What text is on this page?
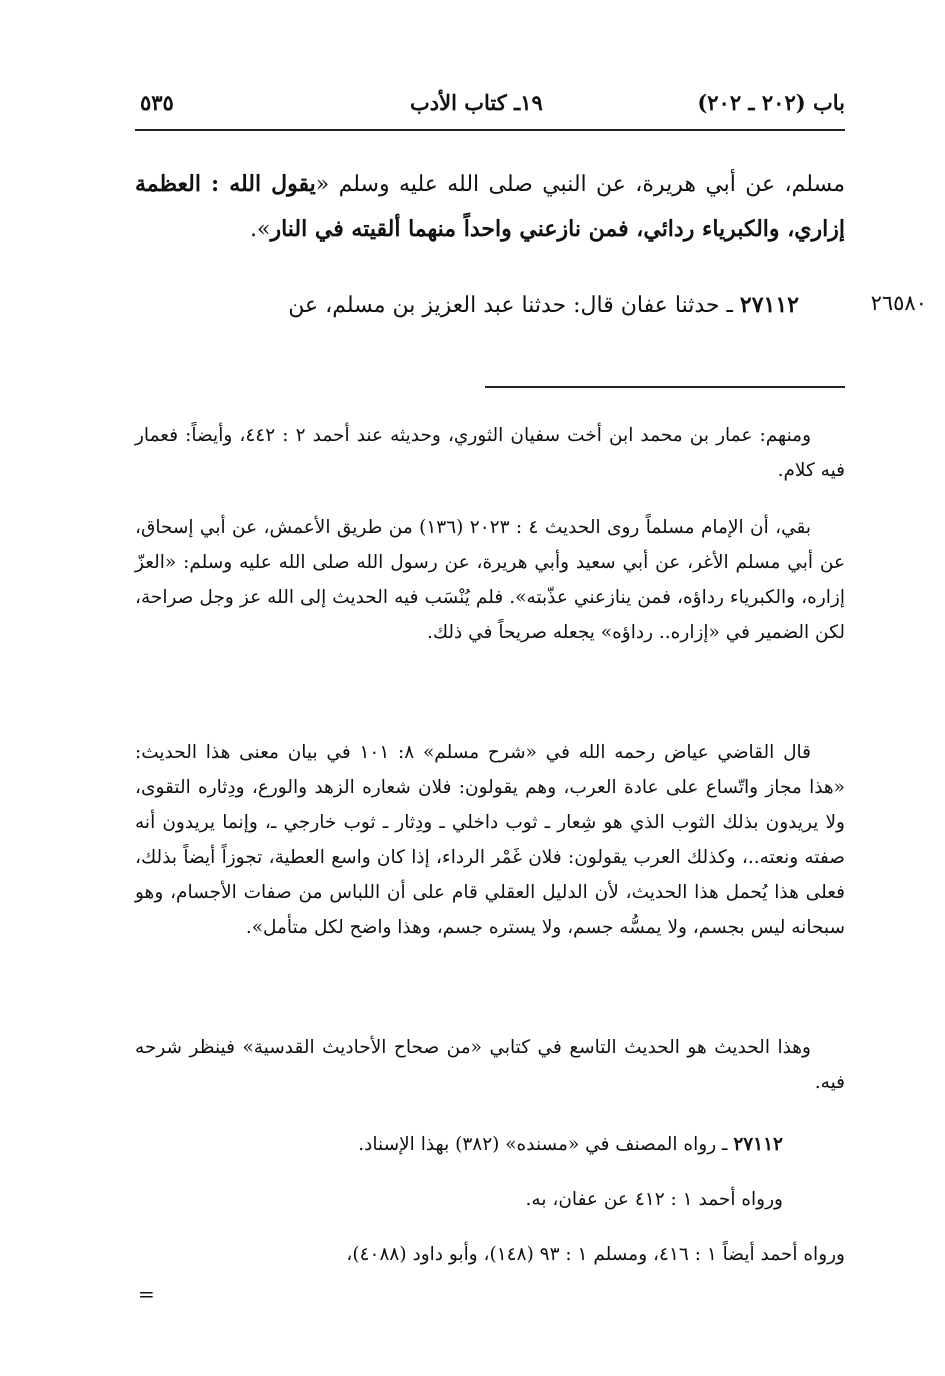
باب (٢٠٢ ـ ٢٠٢)
١٩ـ كتاب الأدب
٥٣٥
مسلم، عن أبي هريرة، عن النبي صلى الله عليه وسلم «يقول الله : العظمة إزاري، والكبرياء ردائي، فمن نازعني واحداً منهما ألقيته في النار».
٢٧١١٢ ـ حدثنا عفان قال: حدثنا عبد العزيز بن مسلم، عن	٢٦٥٨٠
ومنهم: عمار بن محمد ابن أخت سفيان الثوري، وحديثه عند أحمد ٢ : ٤٤٢، وأيضاً: فعمار فيه كلام.
بقي، أن الإمام مسلماً روى الحديث ٤ : ٢٠٢٣ (١٣٦) من طريق الأعمش، عن أبي إسحاق، عن أبي مسلم الأغر، عن أبي سعيد وأبي هريرة، عن رسول الله صلى الله عليه وسلم: «العزّ إزاره، والكبرياء رداؤه، فمن ينازعني عذّبته». فلم يُنْسَب فيه الحديث إلى الله عز وجل صراحة، لكن الضمير في «إزاره.. رداؤه» يجعله صريحاً في ذلك.
قال القاضي عياض رحمه الله في «شرح مسلم» ٨: ١٠١ في بيان معنى هذا الحديث: «هذا مجاز واتّساع على عادة العرب، وهم يقولون: فلان شعاره الزهد والورع، ودِثاره التقوى، ولا يريدون بذلك الثوب الذي هو شِعار ـ ثوب داخلي ـ ودِثار ـ ثوب خارجي ـ، وإنما يريدون أنه صفته ونعته..، وكذلك العرب يقولون: فلان غَمْر الرداء، إذا كان واسع العطية، تجوزاً أيضاً بذلك، فعلى هذا يُحمل هذا الحديث، لأن الدليل العقلي قام على أن اللباس من صفات الأجسام، وهو سبحانه ليس بجسم، ولا يمسُّه جسم، ولا يستره جسم، وهذا واضح لكل متأمل».
وهذا الحديث هو الحديث التاسع في كتابي «من صحاح الأحاديث القدسية» فينظر شرحه فيه.
٢٧١١٢ ـ رواه المصنف في «مسنده» (٣٨٢) بهذا الإسناد.
ورواه أحمد ١ : ٤١٢ عن عفان، به.
ورواه أحمد أيضاً ١ : ٤١٦، ومسلم ١ : ٩٣ (١٤٨)، وأبو داود (٤٠٨٨)،
=
